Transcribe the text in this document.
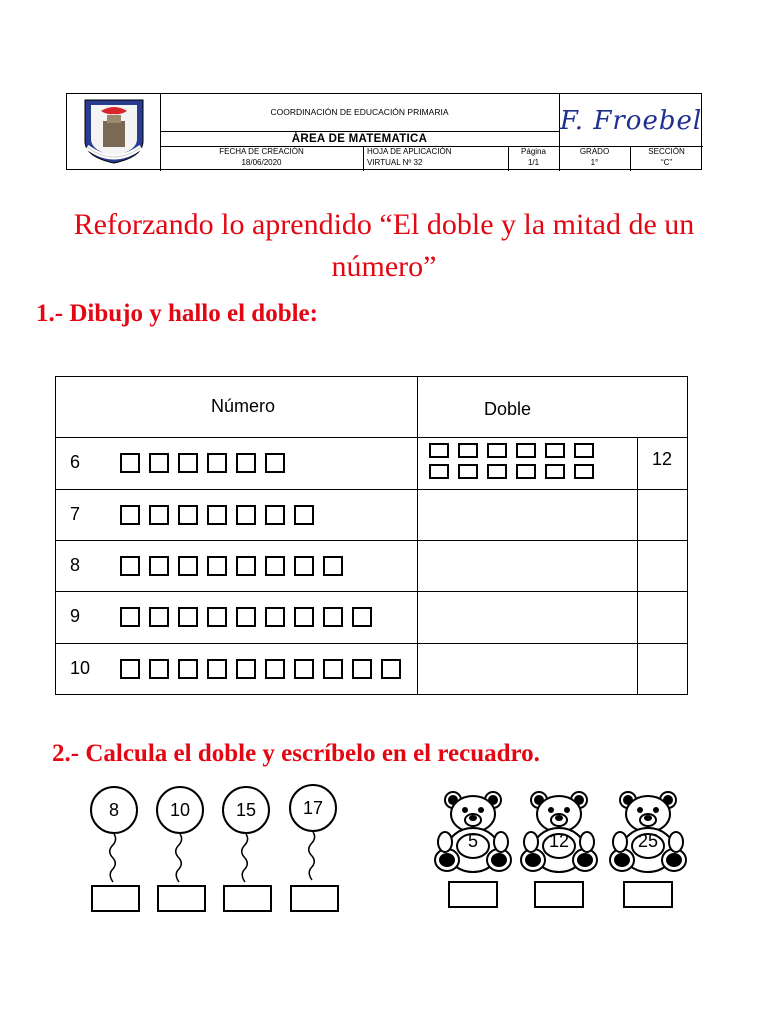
COORDINACIÓN DE EDUCACIÓN PRIMARIA
ÁREA DE MATEMATICA
F. Froebel
FECHA DE CREACIÓN
18/06/2020
HOJA DE APLICACIÓN
VIRTUAL Nº 32
Página
1/1
GRADO
1°
SECCIÓN
“C”
Reforzando lo aprendido “El doble y la mitad de un
número”
1.- Dibujo y hallo el doble:
Número	Doble
6	12
7
8
9
10
2.- Calcula el doble y escríbelo en el recuadro.
8	10	15	17
5	12	25
